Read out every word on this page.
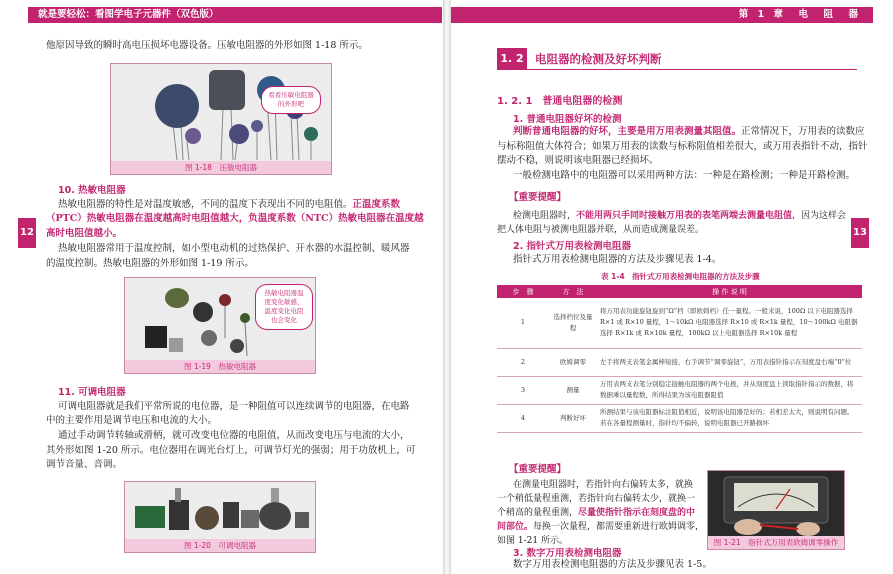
就是要轻松：看图学电子元器件（双色版）
12
他原因导致的瞬时高电压损坏电器设备。压敏电阻器的外形如图 1-18 所示。
看看压敏电阻器的外形吧
图 1-18　压敏电阻器
10. 热敏电阻器
热敏电阻器的特性是对温度敏感，不同的温度下表现出不同的电阻值。正温度系数
（PTC）热敏电阻器在温度越高时电阻值越大，负温度系数（NTC）热敏电阻器在温度越
高时电阻值越小。
热敏电阻器常用于温度控制，如小型电动机的过热保护、开水器的水温控制、暖风器
的温度控制。热敏电阻器的外形如图 1-19 所示。
热敏电阻器温度变化敏感，温度变化电阻也会变化
图 1-19　热敏电阻器
11. 可调电阻器
可调电阻器就是我们平常所说的电位器，是一种阻值可以连续调节的电阻器，在电路
中的主要作用是调节电压和电流的大小。
通过手动调节转轴或滑柄，就可改变电位器的电阻值，从而改变电压与电流的大小，
其外形如图 1-20 所示。电位器用在调光台灯上，可调节灯光的强弱；用于功放机上，可
调节音量、音调。
图 1-20　可调电阻器
第 1 章　电　阻　器
13
1. 2 电阻器的检测及好坏判断
1. 2. 1　普通电阻器的检测
1. 普通电阻器好坏的检测
判断普通电阻器的好坏，主要是用万用表测量其阻值。正常情况下，万用表的读数应
与标称阻值大体符合；如果万用表的读数与标称阻值相差很大，或万用表指针不动，指针
摆动不稳，则说明该电阻器已经损坏。
一般检测电路中的电阻器可以采用两种方法：一种是在路检测；一种是开路检测。
【重要提醒】
检测电阻器时，不能用两只手同时接触万用表的表笔两端去测量电阻值，因为这样会
把人体电阻与被测电阻器并联，从而造成测量误差。
2. 指针式万用表检测电阻器
指针式万用表检测电阻器的方法及步骤见表 1-4。
表 1-4　指针式万用表检测电阻器的方法及步骤
步　骤	方　法	操 作 说 明
1	选择档位及量程	将万用表功能旋钮旋到“Ω”档（即欧姆档）任一量程。一般来说，100Ω 以下电阻器选择 R×1 或 R×10 量程，1～10kΩ 电阻器选择 R×10 或 R×1k 量程，10～100kΩ 电阻器选择 R×1k 或 R×10k 量程，100kΩ 以上电阻器选择 R×10k 量程
2	欧姆调零	左手将两支表笔金属棒短接，右手调节“调零旋钮”，万用表指针指示在刻度盘右端“0”位
3	测量	万用表两支表笔分别稳定接触电阻器的两个电极，并从刻度盘上读取指针指示的数据，将数据乘以量程数，所得结果为该电阻器阻值
4	判断好坏	所测结果与该电阻器标注阻值相近，说明该电阻器是好的；若相差太大，则说明有问题。若在各量程测量时，指针均不偏转，说明电阻器已开路损坏
【重要提醒】
在测量电阻器时，若指针向右偏转太多，就换
一个稍低量程重测，若指针向右偏转太少，就换一
个稍高的量程重测，尽量使指针指示在刻度盘的中
间部位。每换一次量程，都需要重新进行欧姆调零，
如图 1-21 所示。
3. 数字万用表检测电阻器
数字万用表检测电阻器的方法及步骤见表 1-5。
图 1-21　指针式万用表欧姆调零操作
